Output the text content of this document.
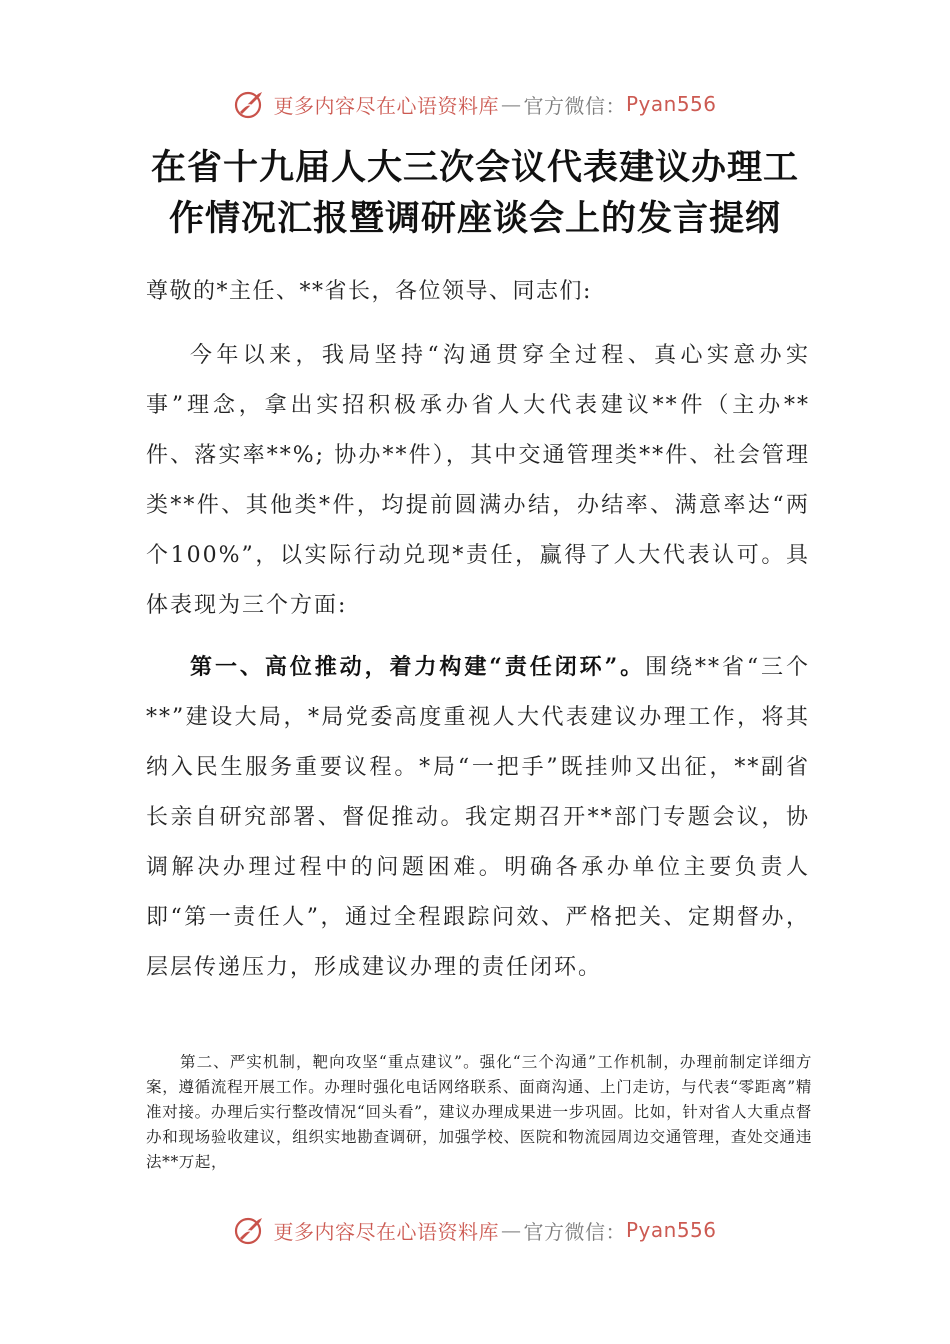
更多内容尽在心语资料库 — 官方微信： Pyan556
在省十九届人大三次会议代表建议办理工
作情况汇报暨调研座谈会上的发言提纲

尊敬的*主任、**省长，各位领导、同志们:

今年以来，我局坚持“沟通贯穿全过程、真心实意办实事”理念，拿出实招积极承办省人大代表建议**件（主办**件、落实率**%; 协办**件），其中交通管理类**件、社会管理类**件、其他类*件，均提前圆满办结，办结率、满意率达“两个100%”，以实际行动兑现*责任，赢得了人大代表认可。具体表现为三个方面:

第一、高位推动，着力构建“责任闭环”。围绕**省“三个**”建设大局，*局党委高度重视人大代表建议办理工作，将其纳入民生服务重要议程。*局“一把手”既挂帅又出征，**副省长亲自研究部署、督促推动。我定期召开**部门专题会议，协调解决办理过程中的问题困难。明确各承办单位主要负责人即“第一责任人”，通过全程跟踪问效、严格把关、定期督办，层层传递压力，形成建议办理的责任闭环。

第二、严实机制，靶向攻坚“重点建议”。强化“三个沟通”工作机制，办理前制定详细方案，遵循流程开展工作。办理时强化电话网络联系、面商沟通、上门走访，与代表“零距离”精准对接。办理后实行整改情况“回头看”，建议办理成果进一步巩固。比如，针对省人大重点督办和现场验收建议，组织实地勘查调研，加强学校、医院和物流园周边交通管理，查处交通违法**万起，

更多内容尽在心语资料库 — 官方微信： Pyan556
